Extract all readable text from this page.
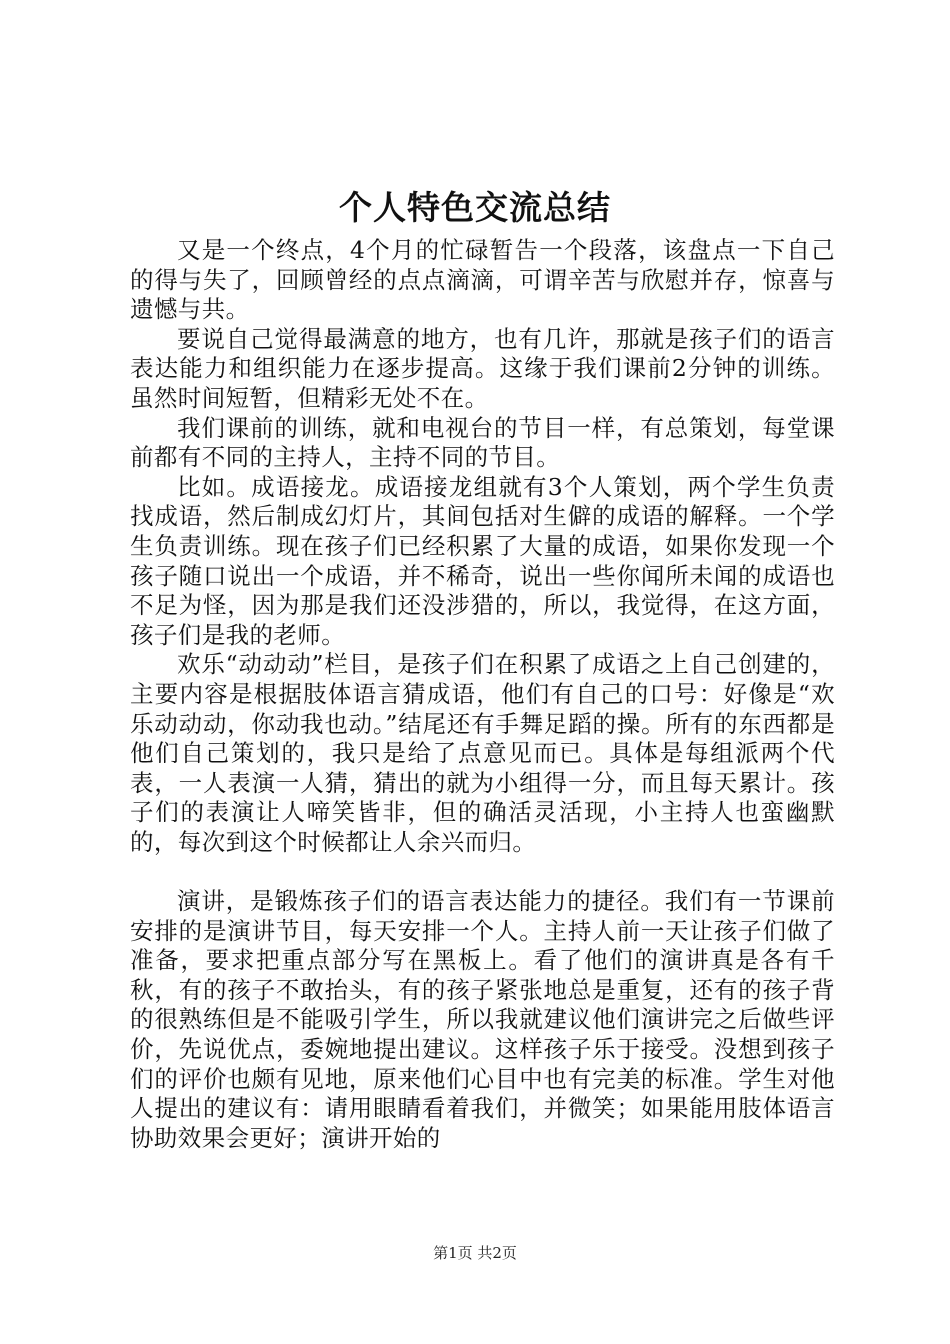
个人特色交流总结

又是一个终点，4个月的忙碌暂告一个段落，该盘点一下自己的得与失了，回顾曾经的点点滴滴，可谓辛苦与欣慰并存，惊喜与遗憾与共。

要说自己觉得最满意的地方，也有几许，那就是孩子们的语言表达能力和组织能力在逐步提高。这缘于我们课前2分钟的训练。虽然时间短暂，但精彩无处不在。

我们课前的训练，就和电视台的节目一样，有总策划，每堂课前都有不同的主持人，主持不同的节目。

比如。成语接龙。成语接龙组就有3个人策划，两个学生负责找成语，然后制成幻灯片，其间包括对生僻的成语的解释。一个学生负责训练。现在孩子们已经积累了大量的成语，如果你发现一个孩子随口说出一个成语，并不稀奇，说出一些你闻所未闻的成语也不足为怪，因为那是我们还没涉猎的，所以，我觉得，在这方面，孩子们是我的老师。

欢乐“动动动”栏目，是孩子们在积累了成语之上自己创建的，主要内容是根据肢体语言猜成语，他们有自己的口号：好像是“欢乐动动动，你动我也动。”结尾还有手舞足蹈的操。所有的东西都是他们自己策划的，我只是给了点意见而已。具体是每组派两个代表，一人表演一人猜，猜出的就为小组得一分，而且每天累计。孩子们的表演让人啼笑皆非，但的确活灵活现，小主持人也蛮幽默的，每次到这个时候都让人余兴而归。

演讲，是锻炼孩子们的语言表达能力的捷径。我们有一节课前安排的是演讲节目，每天安排一个人。主持人前一天让孩子们做了准备，要求把重点部分写在黑板上。看了他们的演讲真是各有千秋，有的孩子不敢抬头，有的孩子紧张地总是重复，还有的孩子背的很熟练但是不能吸引学生，所以我就建议他们演讲完之后做些评价，先说优点，委婉地提出建议。这样孩子乐于接受。没想到孩子们的评价也颇有见地，原来他们心目中也有完美的标准。学生对他人提出的建议有：请用眼睛看着我们，并微笑；如果能用肢体语言协助效果会更好；演讲开始的

第1页 共2页
